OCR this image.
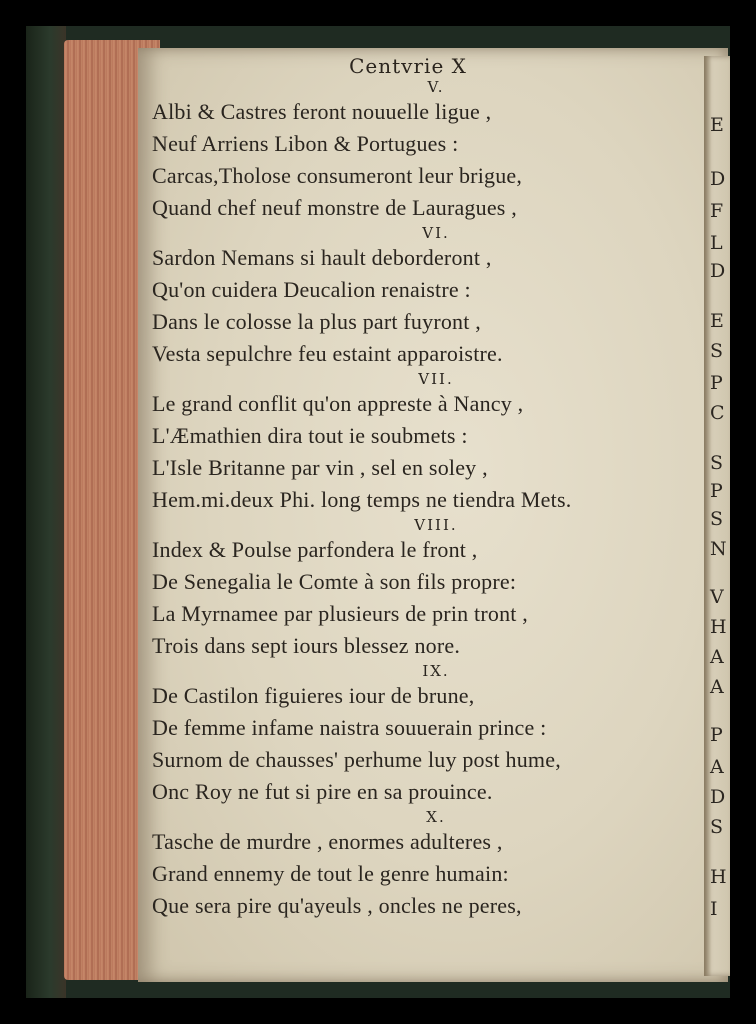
E
D
F
L
D
E
S
P
C
S
P
S
N
V
H
A
A
P
A
D
S
H
I
Centvrie X
V.
Albi & Castres feront nouuelle ligue ,
Neuf Arriens Libon & Portugues :
Carcas,Tholose consumeront leur brigue,
Quand chef neuf monstre de Lauragues ,
VI.
Sardon Nemans si hault deborderont ,
Qu'on cuidera Deucalion renaistre :
Dans le colosse la plus part fuyront ,
Vesta sepulchre feu estaint apparoistre.
VII.
Le grand conflit qu'on appreste à Nancy ,
L'Æmathien dira tout ie soubmets :
L'Isle Britanne par vin , sel en soley ,
Hem.mi.deux Phi. long temps ne tiendra Mets.
VIII.
Index & Poulse parfondera le front ,
De Senegalia le Comte à son fils propre:
La Myrnamee par plusieurs de prin tront ,
Trois dans sept iours blessez nore.
IX.
De Castilon figuieres iour de brune,
De femme infame naistra souuerain prince :
Surnom de chausses' perhume luy post hume,
Onc Roy ne fut si pire en sa prouince.
X.
Tasche de murdre , enormes adulteres ,
Grand ennemy de tout le genre humain:
Que sera pire qu'ayeuls , oncles ne peres,
